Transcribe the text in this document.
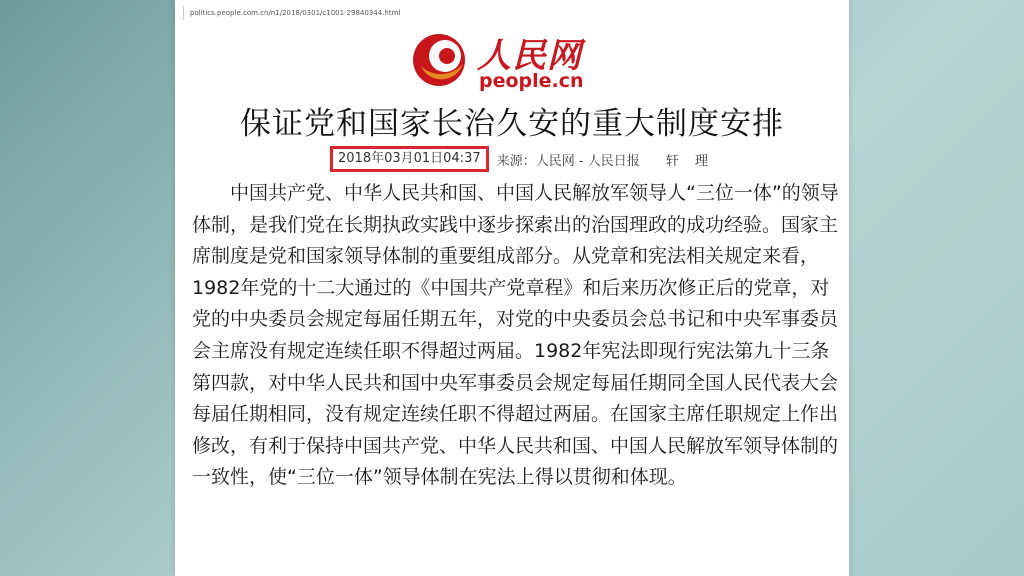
politics.people.com.cn/n1/2018/0301/c1001-29840344.html
人民网
people.cn
保证党和国家长治久安的重大制度安排
2018年03月01日04:37 来源：人民网 - 人民日报 轩 理

中国共产党、中华人民共和国、中国人民解放军领导人“三位一体”的领导体制，是我们党在长期执政实践中逐步探索出的治国理政的成功经验。国家主席制度是党和国家领导体制的重要组成部分。从党章和宪法相关规定来看，1982年党的十二大通过的《中国共产党章程》和后来历次修正后的党章，对党的中央委员会规定每届任期五年，对党的中央委员会总书记和中央军事委员会主席没有规定连续任职不得超过两届。1982年宪法即现行宪法第九十三条第四款，对中华人民共和国中央军事委员会规定每届任期同全国人民代表大会每届任期相同，没有规定连续任职不得超过两届。在国家主席任职规定上作出修改，有利于保持中国共产党、中华人民共和国、中国人民解放军领导体制的一致性，使“三位一体”领导体制在宪法上得以贯彻和体现。
